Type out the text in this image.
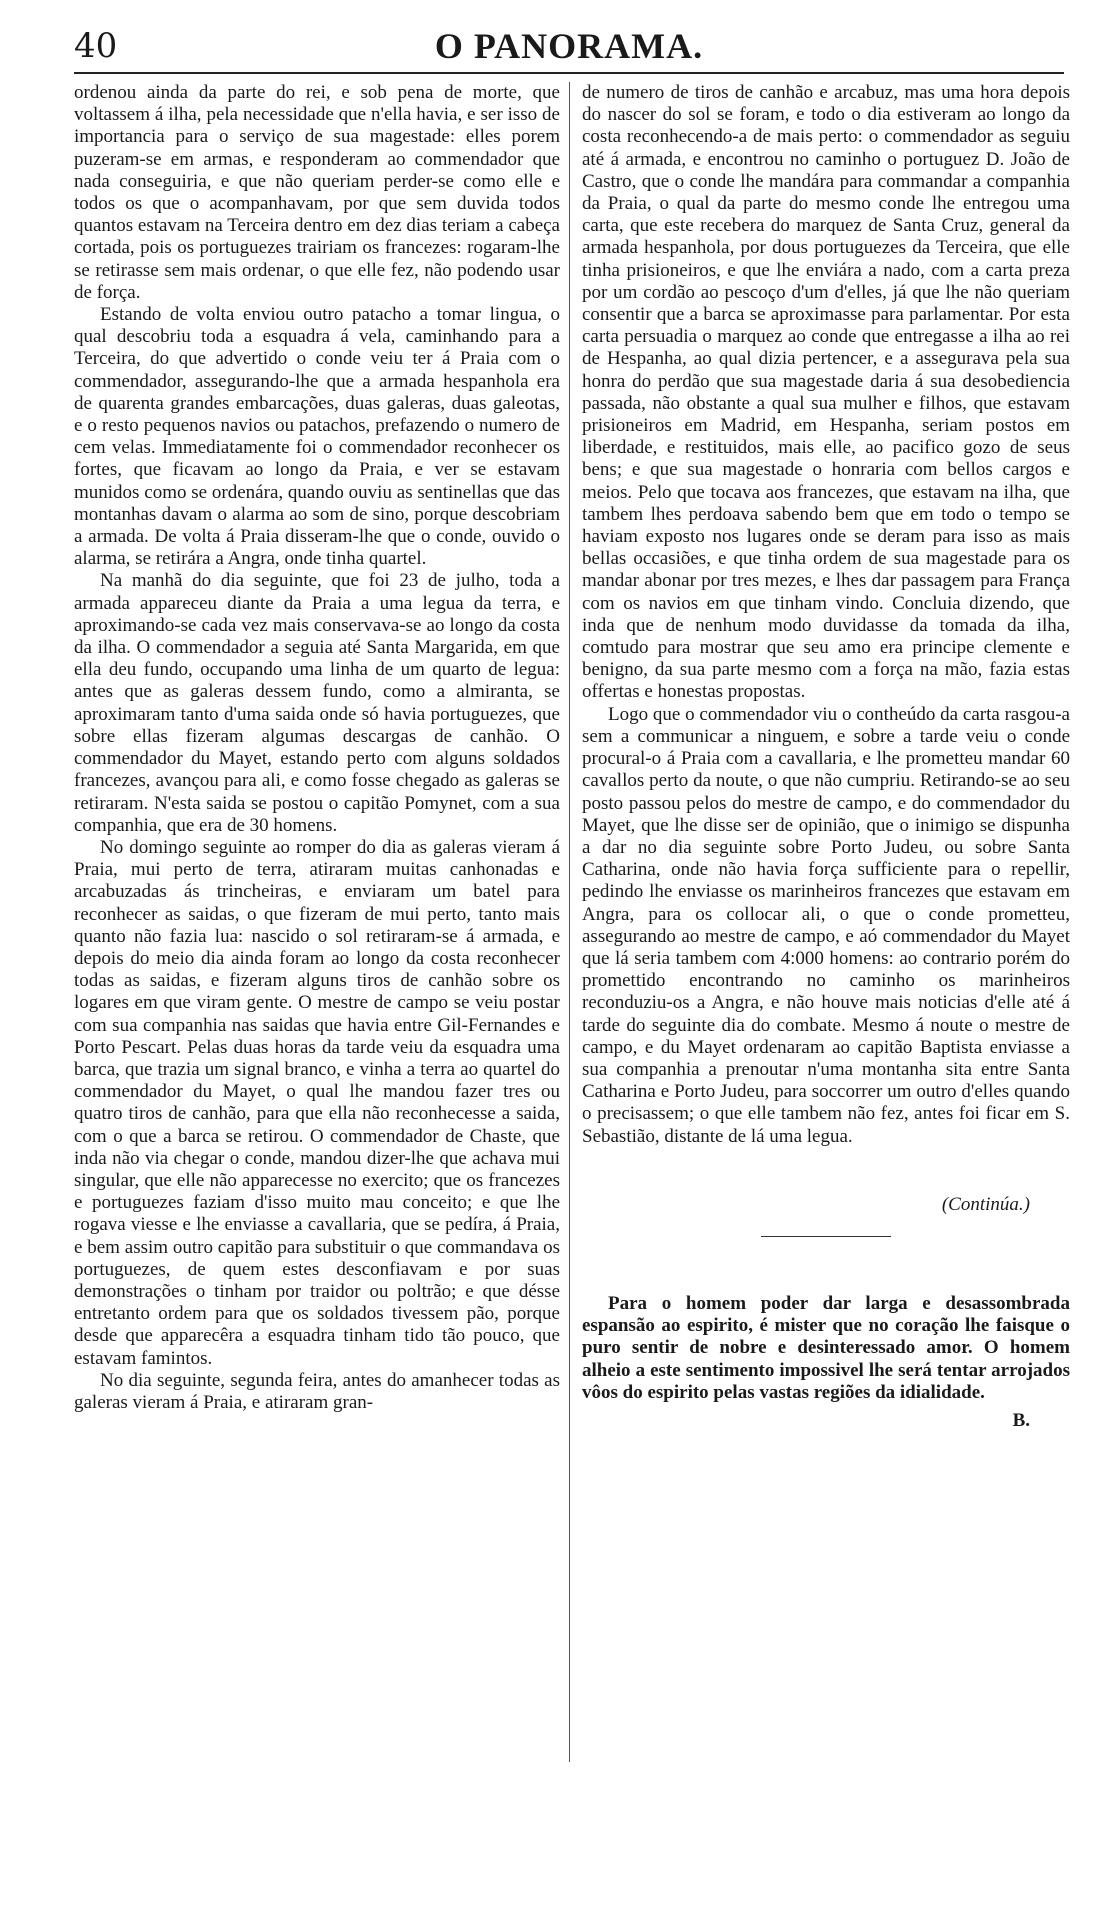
40	O PANORAMA.

ordenou ainda da parte do rei, e sob pena de morte, que voltassem á ilha, pela necessidade que n'ella havia, e ser isso de importancia para o serviço de sua magestade: elles porem puzeram-se em armas, e responderam ao commendador que nada conseguiria, e que não queriam perder-se como elle e todos os que o acompanhavam, por que sem duvida todos quantos estavam na Terceira dentro em dez dias teriam a cabeça cortada, pois os portuguezes trairiam os francezes: rogaram-lhe se retirasse sem mais ordenar, o que elle fez, não podendo usar de força.

Estando de volta enviou outro patacho a tomar lingua, o qual descobriu toda a esquadra á vela, caminhando para a Terceira, do que advertido o conde veiu ter á Praia com o commendador, assegurando-lhe que a armada hespanhola era de quarenta grandes embarcações, duas galeras, duas galeotas, e o resto pequenos navios ou patachos, prefazendo o numero de cem velas. Immediatamente foi o commendador reconhecer os fortes, que ficavam ao longo da Praia, e ver se estavam munidos como se ordenára, quando ouviu as sentinellas que das montanhas davam o alarma ao som de sino, porque descobriam a armada. De volta á Praia disseram-lhe que o conde, ouvido o alarma, se retirára a Angra, onde tinha quartel.

Na manhã do dia seguinte, que foi 23 de julho, toda a armada appareceu diante da Praia a uma legua da terra, e aproximando-se cada vez mais conservava-se ao longo da costa da ilha. O commendador a seguia até Santa Margarida, em que ella deu fundo, occupando uma linha de um quarto de legua: antes que as galeras dessem fundo, como a almiranta, se aproximaram tanto d'uma saida onde só havia portuguezes, que sobre ellas fizeram algumas descargas de canhão. O commendador du Mayet, estando perto com alguns soldados francezes, avançou para ali, e como fosse chegado as galeras se retiraram. N'esta saida se postou o capitão Pomynet, com a sua companhia, que era de 30 homens.

No domingo seguinte ao romper do dia as galeras vieram á Praia, mui perto de terra, atiraram muitas canhonadas e arcabuzadas ás trincheiras, e enviaram um batel para reconhecer as saidas, o que fizeram de mui perto, tanto mais quanto não fazia lua: nascido o sol retiraram-se á armada, e depois do meio dia ainda foram ao longo da costa reconhecer todas as saidas, e fizeram alguns tiros de canhão sobre os logares em que viram gente. O mestre de campo se veiu postar com sua companhia nas saidas que havia entre Gil-Fernandes e Porto Pescart. Pelas duas horas da tarde veiu da esquadra uma barca, que trazia um signal branco, e vinha a terra ao quartel do commendador du Mayet, o qual lhe mandou fazer tres ou quatro tiros de canhão, para que ella não reconhecesse a saida, com o que a barca se retirou. O commendador de Chaste, que inda não via chegar o conde, mandou dizer-lhe que achava mui singular, que elle não apparecesse no exercito; que os francezes e portuguezes faziam d'isso muito mau conceito; e que lhe rogava viesse e lhe enviasse a cavallaria, que se pedíra, á Praia, e bem assim outro capitão para substituir o que commandava os portuguezes, de quem estes desconfiavam e por suas demonstrações o tinham por traidor ou poltrão; e que désse entretanto ordem para que os soldados tivessem pão, porque desde que apparecêra a esquadra tinham tido tão pouco, que estavam famintos.

No dia seguinte, segunda feira, antes do amanhecer todas as galeras vieram á Praia, e atiraram gran-

de numero de tiros de canhão e arcabuz, mas uma hora depois do nascer do sol se foram, e todo o dia estiveram ao longo da costa reconhecendo-a de mais perto: o commendador as seguiu até á armada, e encontrou no caminho o portuguez D. João de Castro, que o conde lhe mandára para commandar a companhia da Praia, o qual da parte do mesmo conde lhe entregou uma carta, que este recebera do marquez de Santa Cruz, general da armada hespanhola, por dous portuguezes da Terceira, que elle tinha prisioneiros, e que lhe enviára a nado, com a carta preza por um cordão ao pescoço d'um d'elles, já que lhe não queriam consentir que a barca se aproximasse para parlamentar. Por esta carta persuadia o marquez ao conde que entregasse a ilha ao rei de Hespanha, ao qual dizia pertencer, e a assegurava pela sua honra do perdão que sua magestade daria á sua desobediencia passada, não obstante a qual sua mulher e filhos, que estavam prisioneiros em Madrid, em Hespanha, seriam postos em liberdade, e restituidos, mais elle, ao pacifico gozo de seus bens; e que sua magestade o honraria com bellos cargos e meios. Pelo que tocava aos francezes, que estavam na ilha, que tambem lhes perdoava sabendo bem que em todo o tempo se haviam exposto nos lugares onde se deram para isso as mais bellas occasiões, e que tinha ordem de sua magestade para os mandar abonar por tres mezes, e lhes dar passagem para França com os navios em que tinham vindo. Concluia dizendo, que inda que de nenhum modo duvidasse da tomada da ilha, comtudo para mostrar que seu amo era principe clemente e benigno, da sua parte mesmo com a força na mão, fazia estas offertas e honestas propostas.

Logo que o commendador viu o contheúdo da carta rasgou-a sem a communicar a ninguem, e sobre a tarde veiu o conde procural-o á Praia com a cavallaria, e lhe prometteu mandar 60 cavallos perto da noute, o que não cumpriu. Retirando-se ao seu posto passou pelos do mestre de campo, e do commendador du Mayet, que lhe disse ser de opinião, que o inimigo se dispunha a dar no dia seguinte sobre Porto Judeu, ou sobre Santa Catharina, onde não havia força sufficiente para o repellir, pedindo lhe enviasse os marinheiros francezes que estavam em Angra, para os collocar ali, o que o conde prometteu, assegurando ao mestre de campo, e aó commendador du Mayet que lá seria tambem com 4:000 homens: ao contrario porém do promettido encontrando no caminho os marinheiros reconduziu-os a Angra, e não houve mais noticias d'elle até á tarde do seguinte dia do combate. Mesmo á noute o mestre de campo, e du Mayet ordenaram ao capitão Baptista enviasse a sua companhia a prenoutar n'uma montanha sita entre Santa Catharina e Porto Judeu, para soccorrer um outro d'elles quando o precisassem; o que elle tambem não fez, antes foi ficar em S. Sebastião, distante de lá uma legua.

(Continúa.)

Para o homem poder dar larga e desassombrada espansão ao espirito, é mister que no coração lhe faisque o puro sentir de nobre e desinteressado amor. O homem alheio a este sentimento impossivel lhe será tentar arrojados vôos do espirito pelas vastas regiões da idialidade.

B.
